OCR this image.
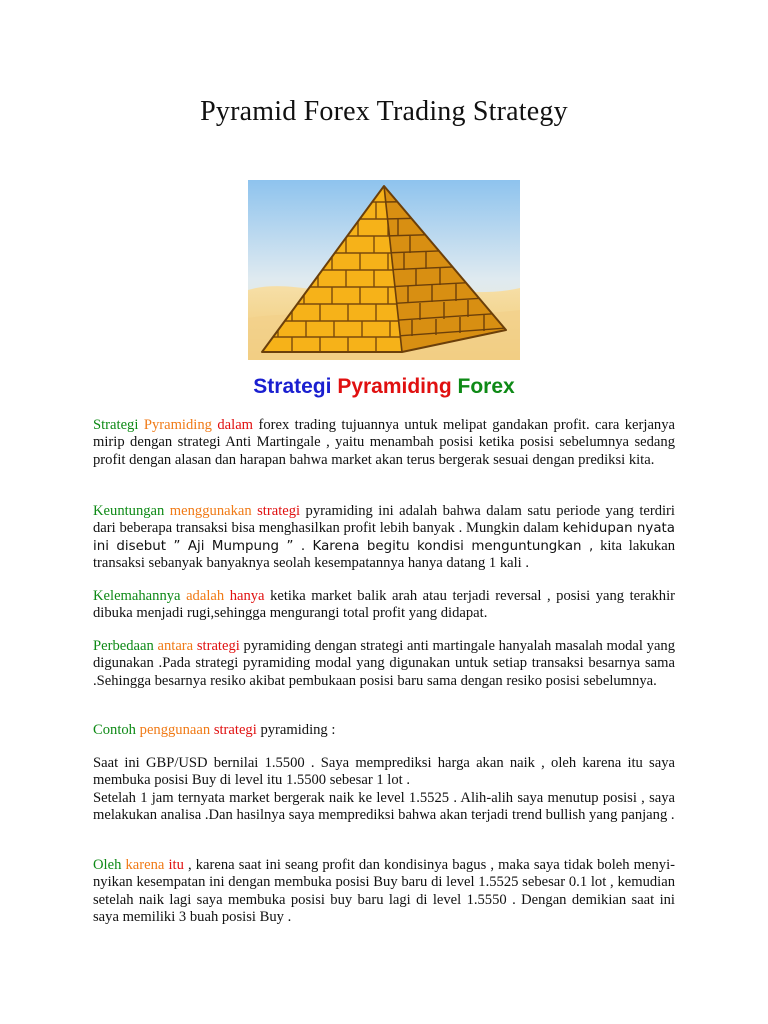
Pyramid Forex Trading Strategy
Strategi Pyramiding Forex
Strategi Pyramiding dalam forex trading tujuannya untuk melipat gandakan profit. cara kerjanya mirip dengan strategi Anti Martingale , yaitu menambah posisi ketika posisi sebelumnya sedang profit dengan alasan dan harapan bahwa market akan terus bergerak sesuai dengan prediksi kita.
Keuntungan menggunakan strategi pyramiding ini adalah bahwa dalam satu periode yang terdiri dari beberapa transaksi bisa menghasilkan profit lebih banyak . Mungkin dalam kehidupan nyata ini disebut ” Aji Mumpung ” . Karena begitu kondisi menguntungkan , kita lakukan transaksi sebanyak banyaknya seolah kesempatannya hanya datang 1 kali .
Kelemahannya adalah hanya ketika market balik arah atau terjadi reversal , posisi yang terakhir dibuka menjadi rugi,sehingga mengurangi total profit yang didapat.
Perbedaan antara strategi pyramiding dengan strategi anti martingale hanyalah masalah modal yang digunakan .Pada strategi pyramiding modal yang digunakan untuk setiap transaksi besarnya sama .Sehingga besarnya resiko akibat pembukaan posisi baru sama dengan resiko posisi sebelumnya.
Contoh penggunaan strategi pyramiding :
Saat ini GBP/USD bernilai 1.5500 . Saya memprediksi harga akan naik , oleh karena itu saya membuka posisi Buy di level itu 1.5500 sebesar 1 lot .
Setelah 1 jam ternyata market bergerak naik ke level 1.5525 . Alih-alih saya menutup posisi , saya melakukan analisa .Dan hasilnya saya memprediksi bahwa akan terjadi trend bullish yang panjang .
Oleh karena itu , karena saat ini seang profit dan kondisinya bagus , maka saya tidak boleh menyi-nyikan kesempatan ini dengan membuka posisi Buy baru di level 1.5525 sebesar 0.1 lot , kemudian setelah naik lagi saya membuka posisi buy baru lagi di level 1.5550 . Dengan demikian saat ini saya memiliki 3 buah posisi Buy .
